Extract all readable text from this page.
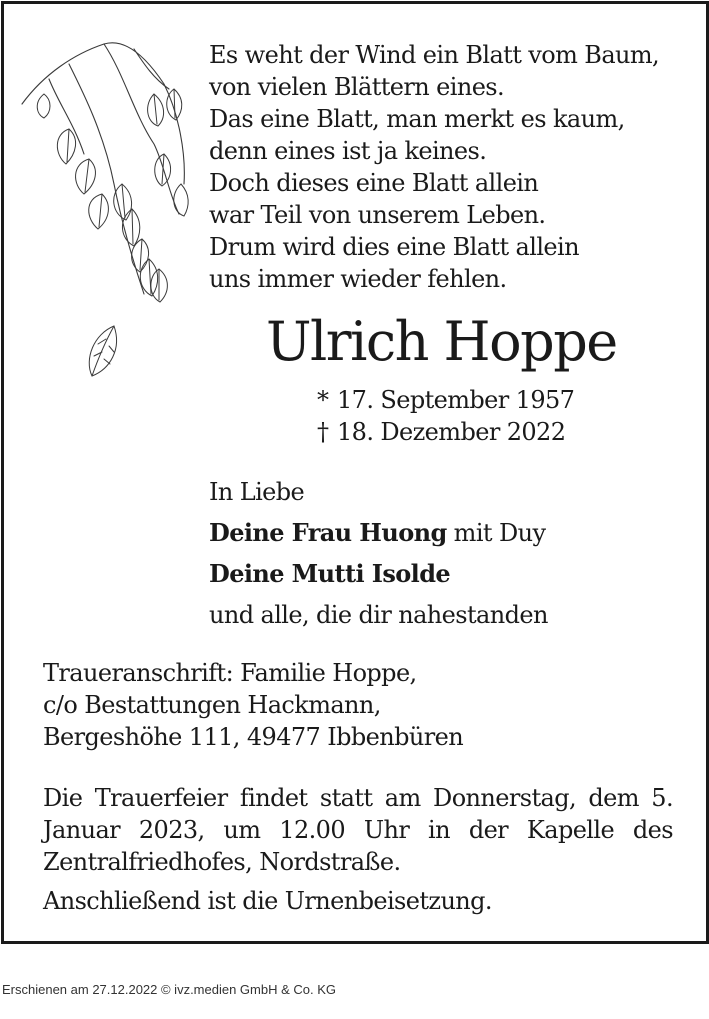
Es weht der Wind ein Blatt vom Baum,
von vielen Blättern eines.
Das eine Blatt, man merkt es kaum,
denn eines ist ja keines.
Doch dieses eine Blatt allein
war Teil von unserem Leben.
Drum wird dies eine Blatt allein
uns immer wieder fehlen.
Ulrich Hoppe
* 17. September 1957
† 18. Dezember 2022
In Liebe
Deine Frau Huong mit Duy
Deine Mutti Isolde
und alle, die dir nahestanden
Traueranschrift: Familie Hoppe,
c/o Bestattungen Hackmann,
Bergeshöhe 111, 49477 Ibbenbüren
Die Trauerfeier findet statt am Donnerstag, dem 5. Januar 2023, um 12.00 Uhr in der Kapelle des Zentralfriedhofes, Nordstraße.
Anschließend ist die Urnenbeisetzung.
Erschienen am 27.12.2022 © ivz.medien GmbH & Co. KG
